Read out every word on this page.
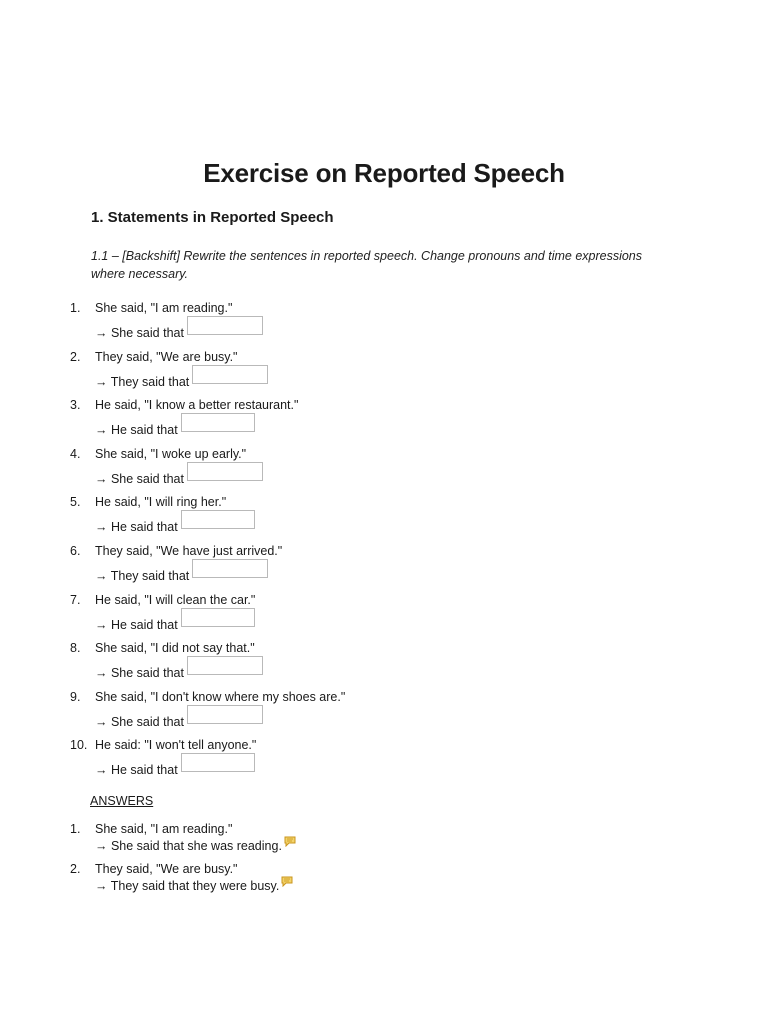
Exercise on Reported Speech
1. Statements in Reported Speech

1.1 – [Backshift] Rewrite the sentences in reported speech. Change pronouns and time expressions where necessary.

1. She said, "I am reading."
→ She said that
2. They said, "We are busy."
→ They said that
3. He said, "I know a better restaurant."
→ He said that
4. She said, "I woke up early."
→ She said that
5. He said, "I will ring her."
→ He said that
6. They said, "We have just arrived."
→ They said that
7. He said, "I will clean the car."
→ He said that
8. She said, "I did not say that."
→ She said that
9. She said, "I don't know where my shoes are."
→ She said that
10. He said: "I won't tell anyone."
→ He said that
ANSWERS
1. She said, "I am reading."
→ She said that she was reading.
2. They said, "We are busy."
→ They said that they were busy.
